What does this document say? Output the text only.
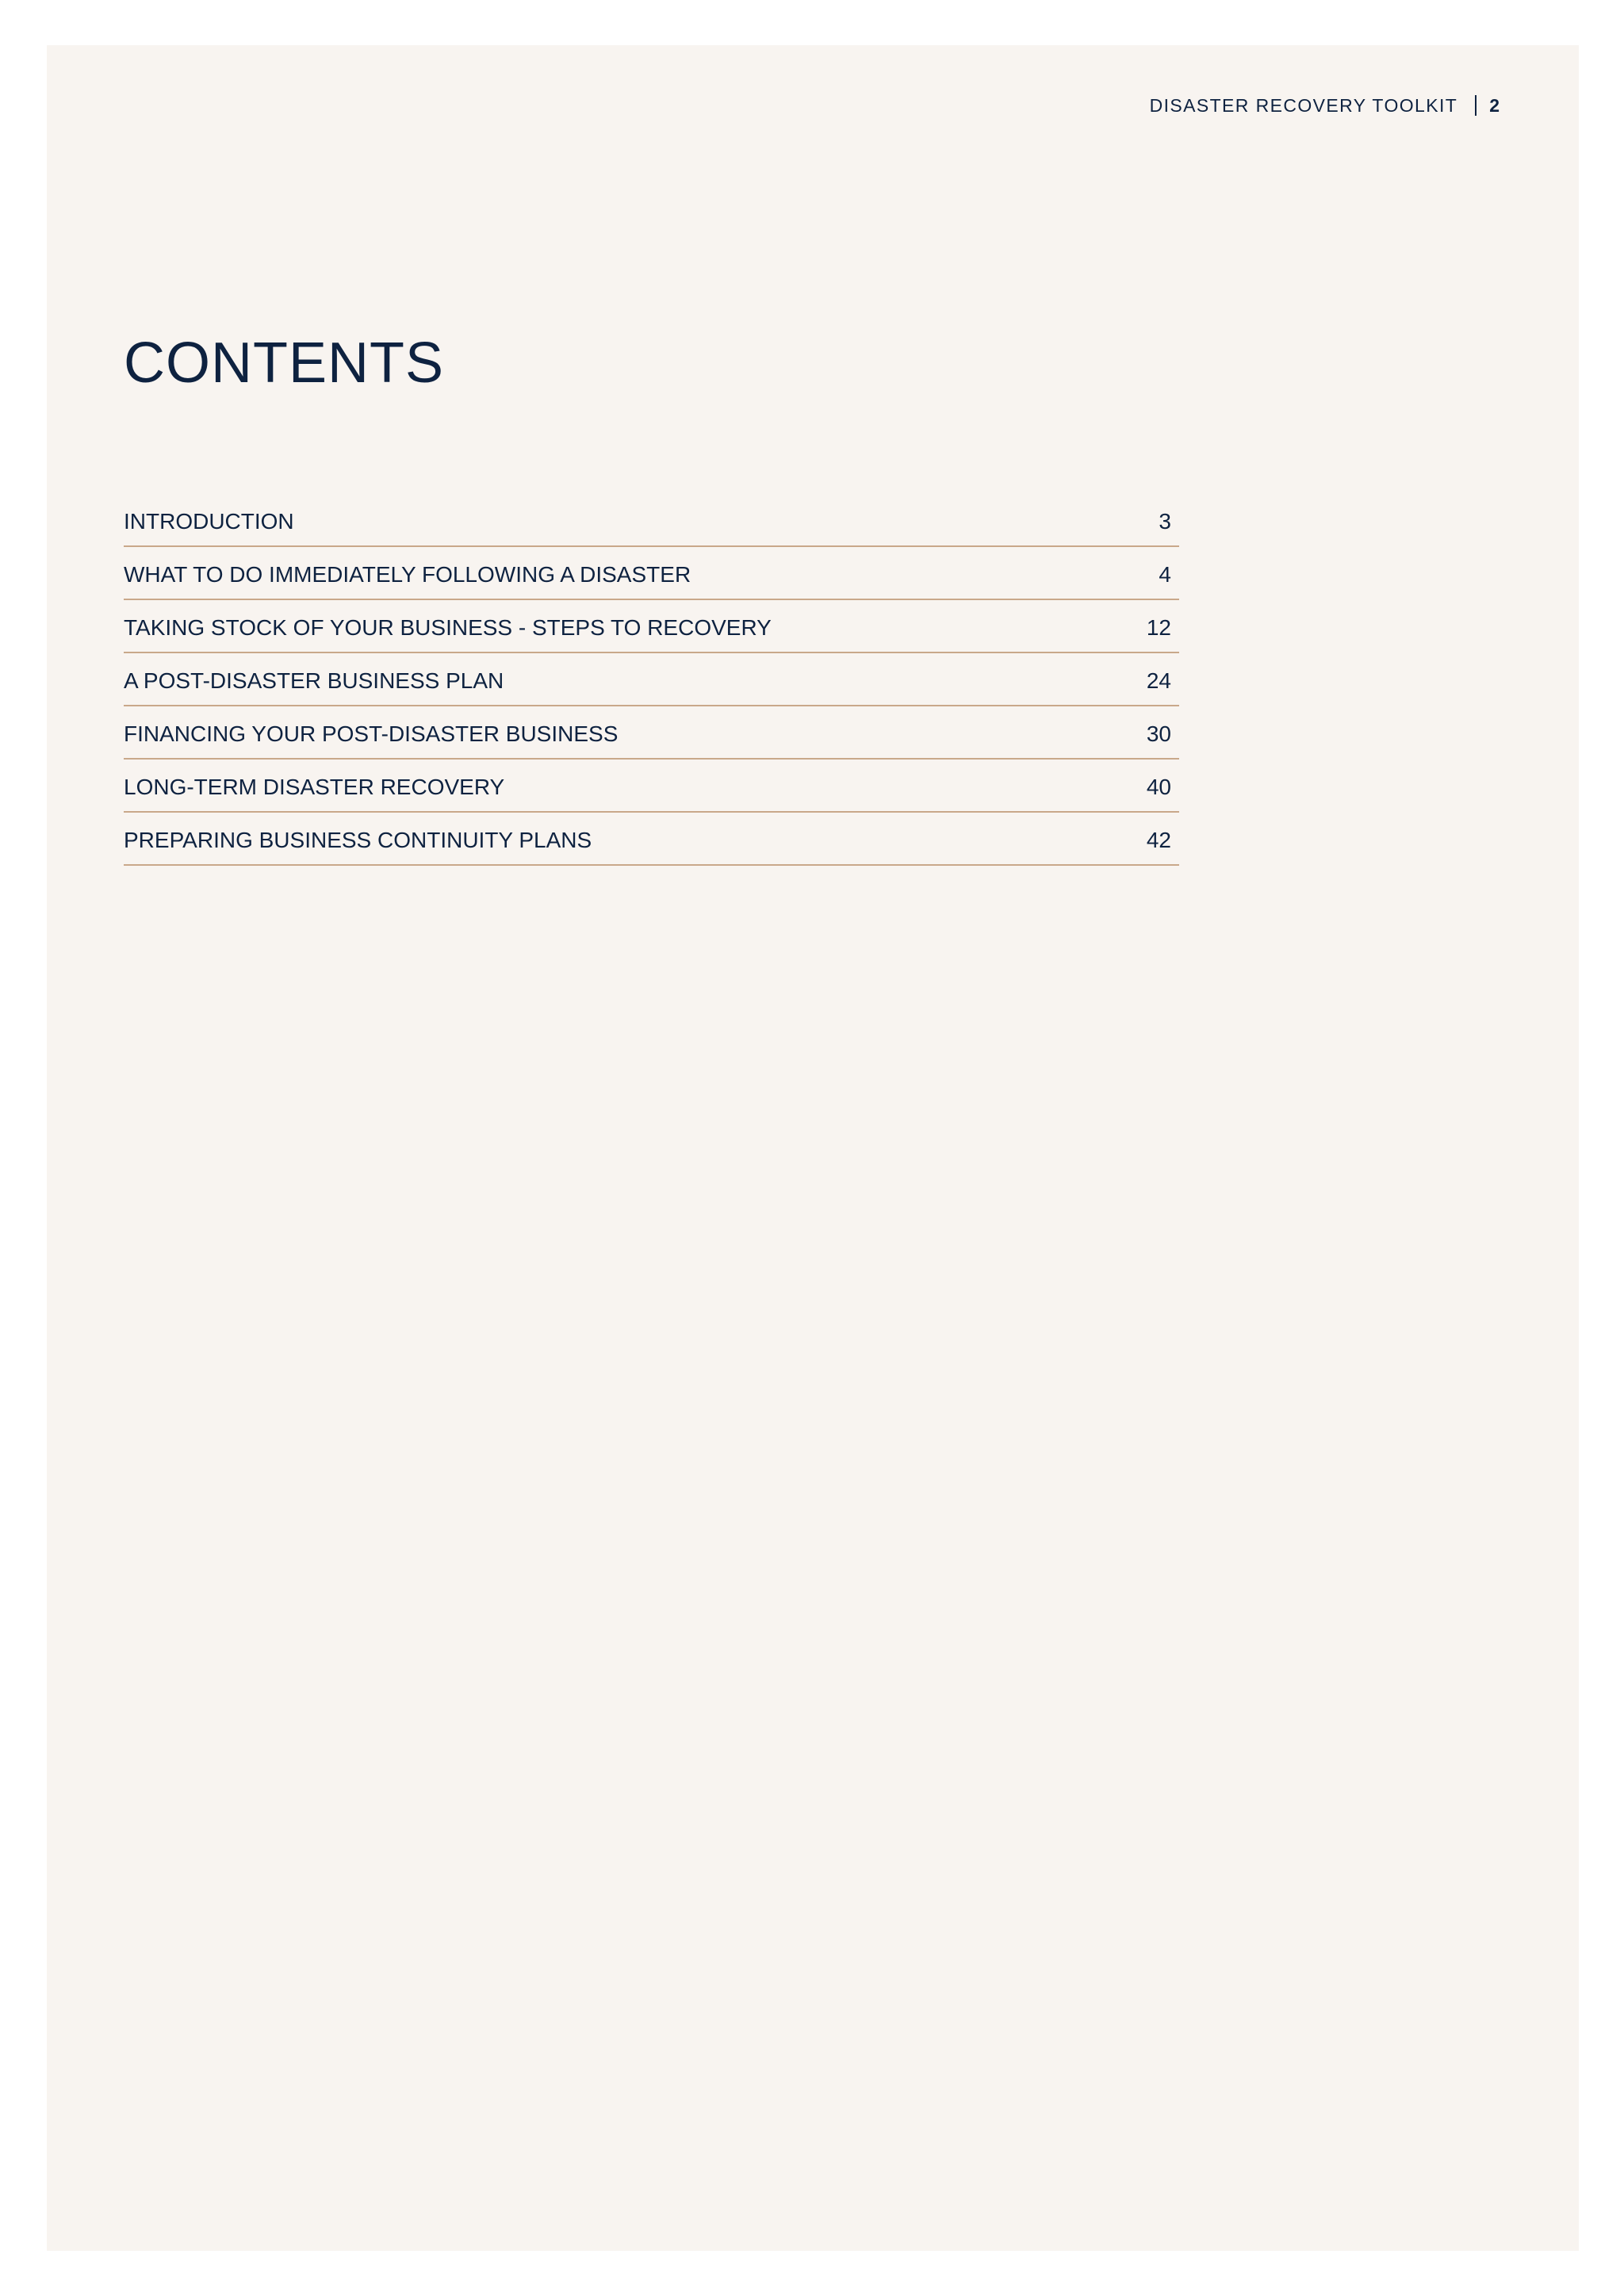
DISASTER RECOVERY TOOLKIT 2
CONTENTS
INTRODUCTION	3
WHAT TO DO IMMEDIATELY FOLLOWING A DISASTER	4
TAKING STOCK OF YOUR BUSINESS - STEPS TO RECOVERY	12
A POST-DISASTER BUSINESS PLAN	24
FINANCING YOUR POST-DISASTER BUSINESS	30
LONG-TERM DISASTER RECOVERY	40
PREPARING BUSINESS CONTINUITY PLANS	42
